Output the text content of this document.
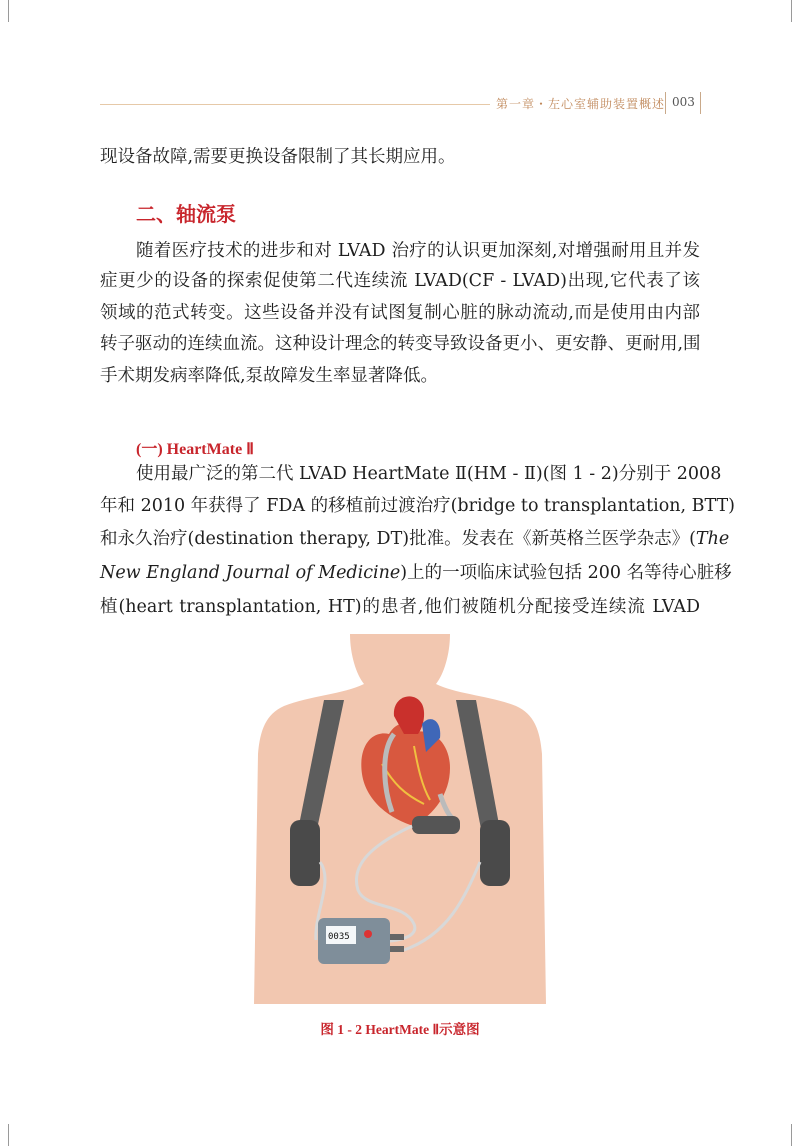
第一章・左心室辅助装置概述 003
现设备故障,需要更换设备限制了其长期应用。
二、轴流泵
随着医疗技术的进步和对 LVAD 治疗的认识更加深刻,对增强耐用且并发
症更少的设备的探索促使第二代连续流 LVAD(CF - LVAD)出现,它代表了该
领域的范式转变。这些设备并没有试图复制心脏的脉动流动,而是使用由内部
转子驱动的连续血流。这种设计理念的转变导致设备更小、更安静、更耐用,围
手术期发病率降低,泵故障发生率显著降低。
(一) HeartMate Ⅱ
使用最广泛的第二代 LVAD HeartMate Ⅱ(HM - Ⅱ)(图 1 - 2)分别于 2008
年和 2010 年获得了 FDA 的移植前过渡治疗(bridge to transplantation, BTT)
和永久治疗(destination therapy, DT)批准。发表在《新英格兰医学杂志》(The
New England Journal of Medicine)上的一项临床试验包括 200 名等待心脏移
植(heart transplantation, HT)的患者,他们被随机分配接受连续流 LVAD
0035
图 1 - 2 HeartMate Ⅱ示意图
